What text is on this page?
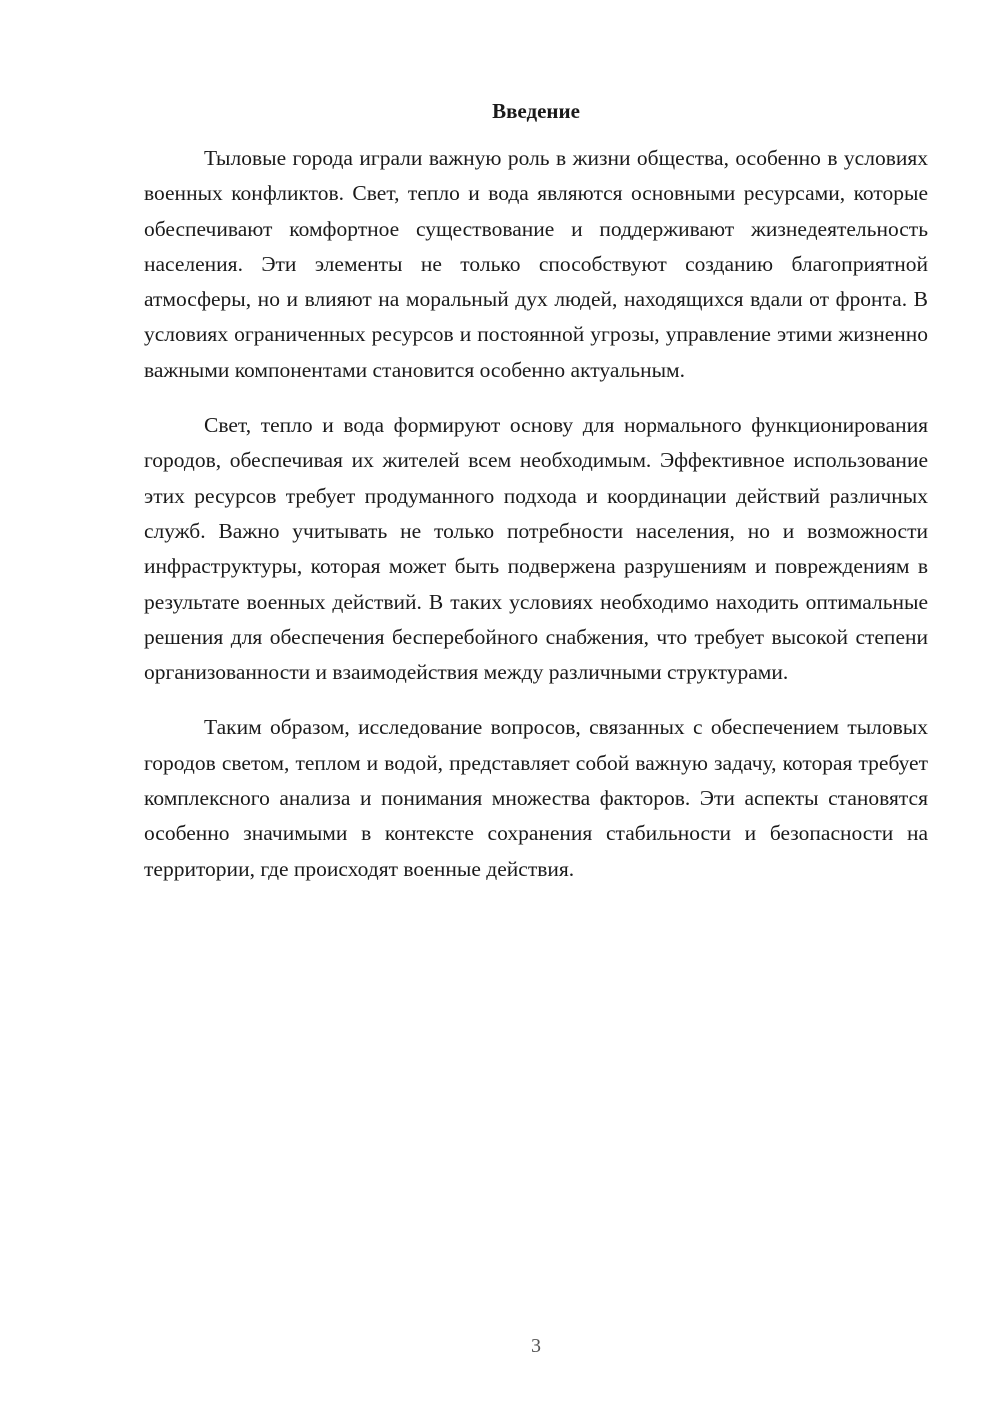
Введение

Тыловые города играли важную роль в жизни общества, особенно в условиях военных конфликтов. Свет, тепло и вода являются основными ресурсами, которые обеспечивают комфортное существование и поддерживают жизнедеятельность населения. Эти элементы не только способствуют созданию благоприятной атмосферы, но и влияют на моральный дух людей, находящихся вдали от фронта. В условиях ограниченных ресурсов и постоянной угрозы, управление этими жизненно важными компонентами становится особенно актуальным.

Свет, тепло и вода формируют основу для нормального функционирования городов, обеспечивая их жителей всем необходимым. Эффективное использование этих ресурсов требует продуманного подхода и координации действий различных служб. Важно учитывать не только потребности населения, но и возможности инфраструктуры, которая может быть подвержена разрушениям и повреждениям в результате военных действий. В таких условиях необходимо находить оптимальные решения для обеспечения бесперебойного снабжения, что требует высокой степени организованности и взаимодействия между различными структурами.

Таким образом, исследование вопросов, связанных с обеспечением тыловых городов светом, теплом и водой, представляет собой важную задачу, которая требует комплексного анализа и понимания множества факторов. Эти аспекты становятся особенно значимыми в контексте сохранения стабильности и безопасности на территории, где происходят военные действия.

3
